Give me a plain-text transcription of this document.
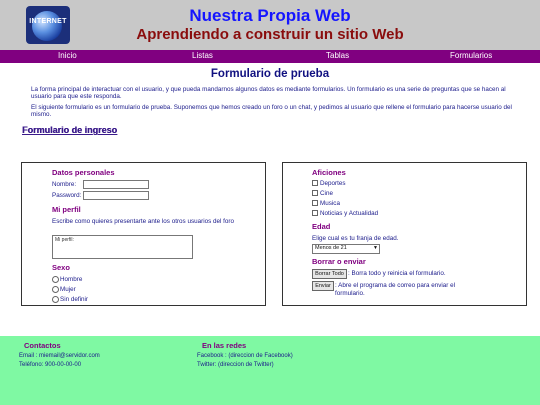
INTERNET	Nuestra Propia Web
Aprendiendo a construir un sitio Web
Inicio	Listas	Tablas	Formularios
Formulario de prueba
La forma principal de interactuar con el usuario, y que pueda mandarnos algunos datos es mediante formularios. Un formulario es una serie de preguntas que se hacen al usuario para que este responda.
El siguiente formulario es un formulario de prueba. Suponemos que hemos creado un foro o un chat, y pedimos al usuario que rellene el formulario para hacerse usuario del mismo.
Formulario de ingreso
Datos personales
Nombre:
Password:
Mi perfil
Escribe como quieres presentarte ante los otros usuarios del foro
Mi perfil:
Sexo
Hombre
Mujer
Sin definir
Aficiones
Deportes
Cine
Musica
Noticias y Actualidad
Edad
Elige cual es tu franja de edad.
Menos de 21	▼
Borrar o enviar
Borrar Todo : Borra todo y reinicia el formulario.
Enviar : Abre el programa de correo para enviar el formulario.
Contactos
Email : miemail@servidor.com
Teléfono: 900-00-00-00
En las redes
Facebook : (direccion de Facebook)
Twitter: (direccion de Twitter)
